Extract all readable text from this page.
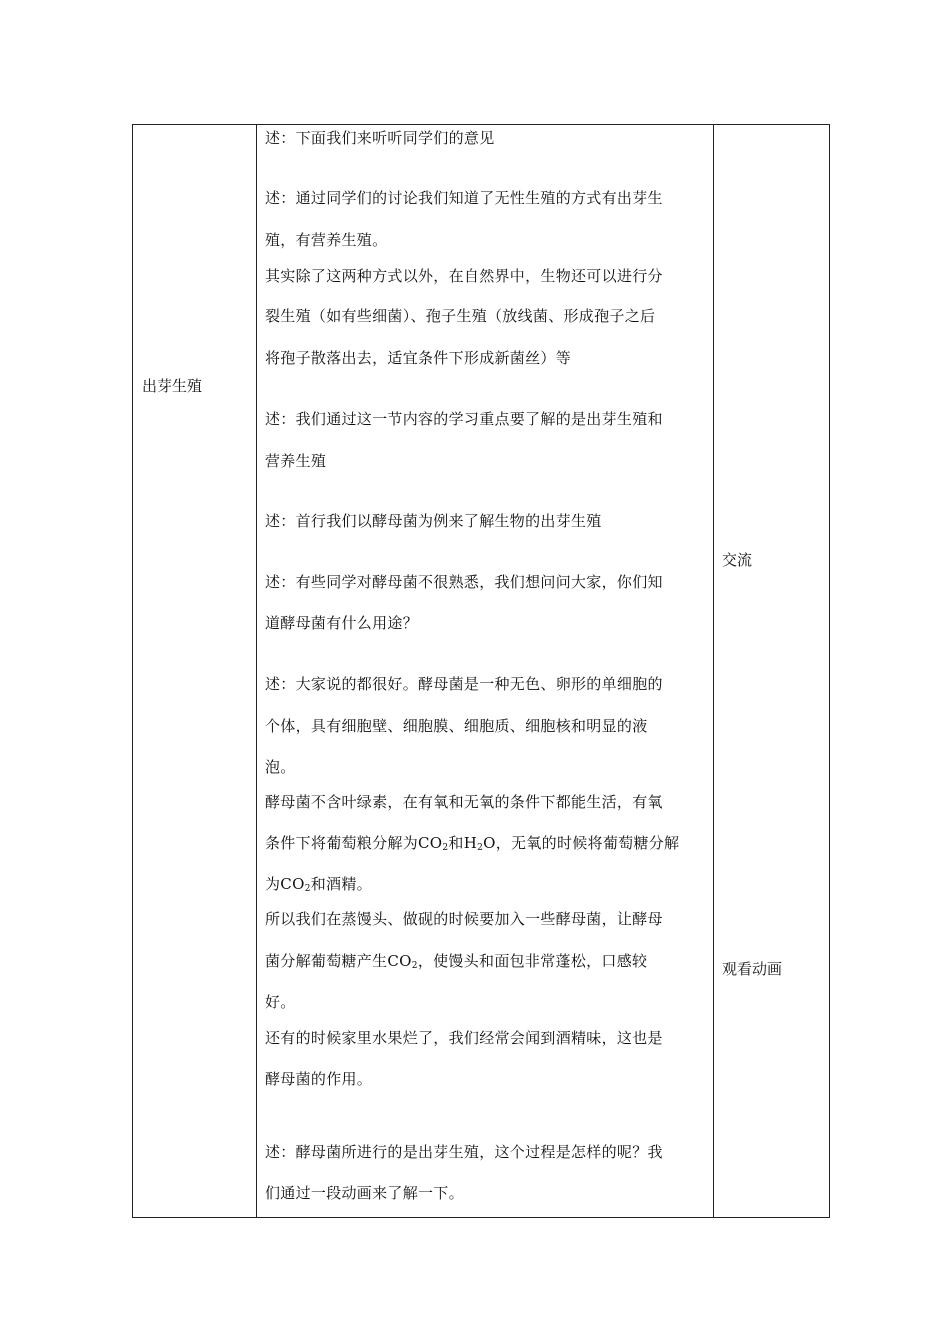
出芽生殖
交流
观看动画
述：下面我们来听听同学们的意见
述：通过同学们的讨论我们知道了无性生殖的方式有出芽生
殖，有营养生殖。
其实除了这两种方式以外，在自然界中，生物还可以进行分
裂生殖（如有些细菌）、孢子生殖（放线菌、形成孢子之后
将孢子散落出去，适宜条件下形成新菌丝）等
述：我们通过这一节内容的学习重点要了解的是出芽生殖和
营养生殖
述：首行我们以酵母菌为例来了解生物的出芽生殖
述：有些同学对酵母菌不很熟悉，我们想问问大家，你们知
道酵母菌有什么用途？
述：大家说的都很好。酵母菌是一种无色、卵形的单细胞的
个体，具有细胞壁、细胞膜、细胞质、细胞核和明显的液
泡。
酵母菌不含叶绿素，在有氧和无氧的条件下都能生活，有氧
条件下将葡萄粮分解为$CO_2$和$H_2O$，无氧的时候将葡萄糖分解
为$CO_2$和酒精。
所以我们在蒸馒头、做砚的时候要加入一些酵母菌，让酵母
菌分解葡萄糖产生$CO_2$，使馒头和面包非常蓬松，口感较
好。
还有的时候家里水果烂了，我们经常会闻到酒精味，这也是
酵母菌的作用。
述：酵母菌所进行的是出芽生殖，这个过程是怎样的呢？我
们通过一段动画来了解一下。
